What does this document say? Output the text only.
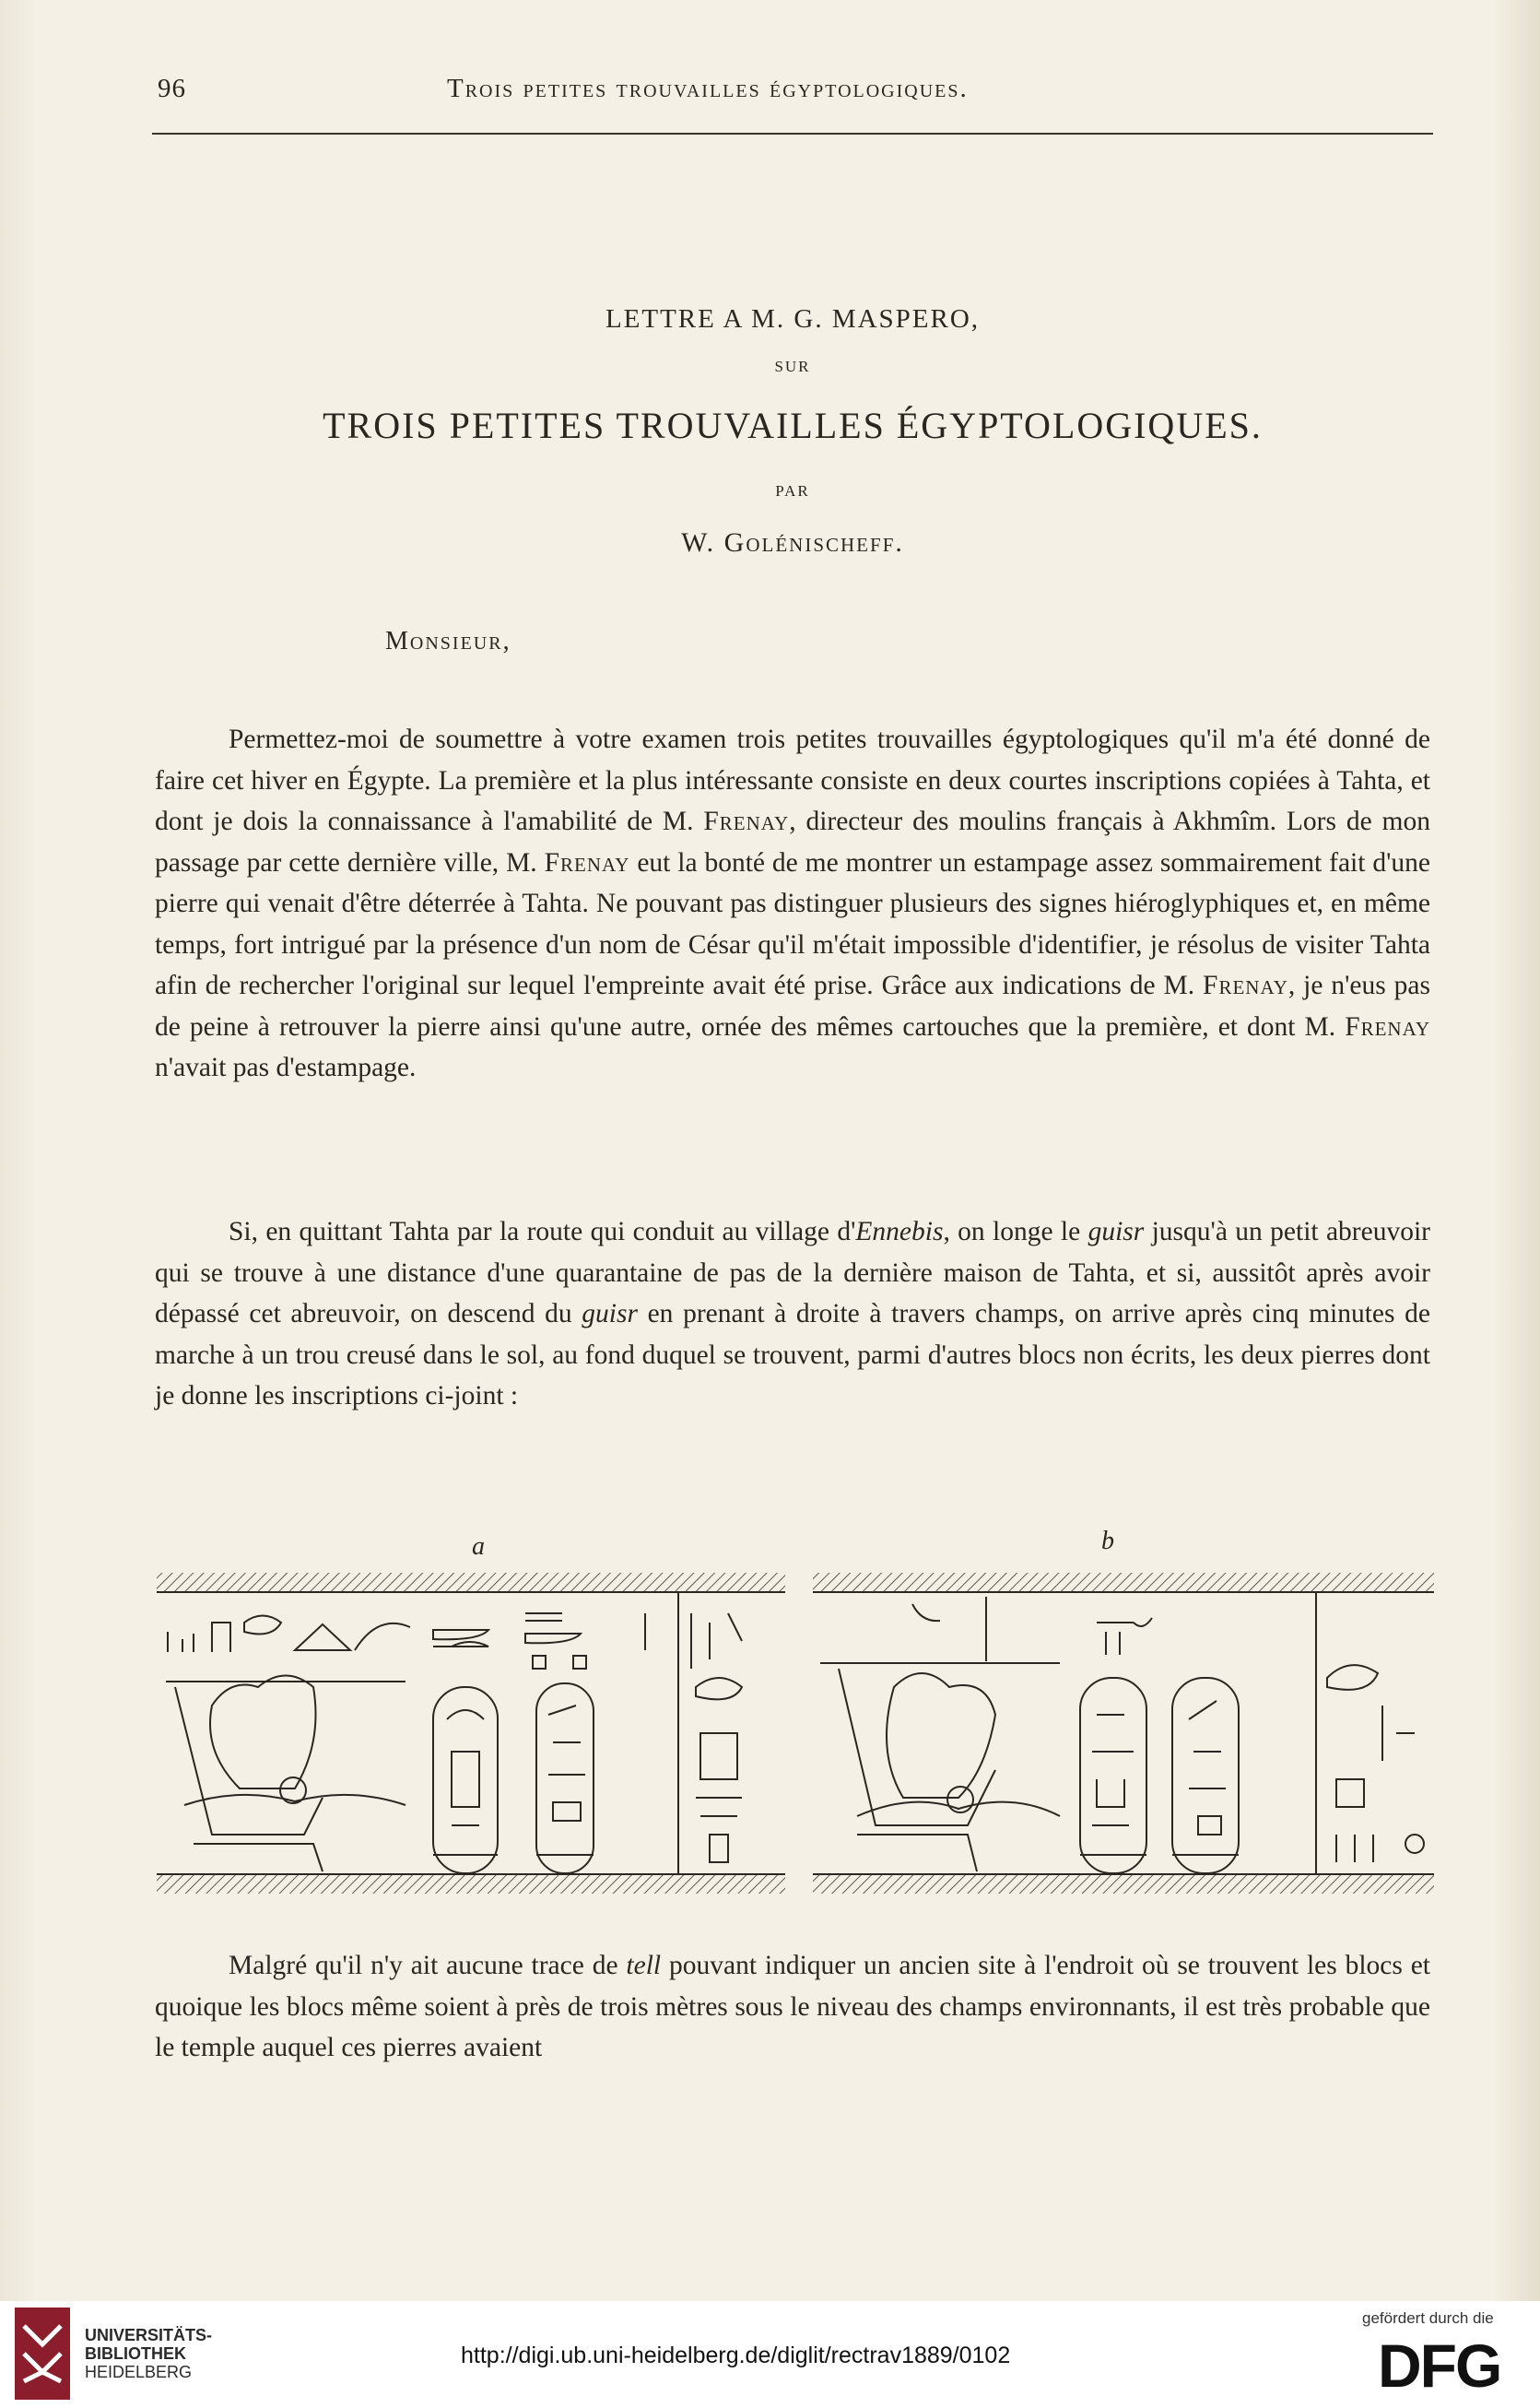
96	Trois petites trouvailles égyptologiques.
LETTRE A M. G. MASPERO,
SUR
TROIS PETITES TROUVAILLES ÉGYPTOLOGIQUES.
PAR
W. Golénischeff.
Monsieur,

Permettez-moi de soumettre à votre examen trois petites trouvailles égyptologiques qu'il m'a été donné de faire cet hiver en Égypte. La première et la plus intéressante consiste en deux courtes inscriptions copiées à Tahta, et dont je dois la connaissance à l'amabilité de M. Frenay, directeur des moulins français à Akhmîm. Lors de mon passage par cette dernière ville, M. Frenay eut la bonté de me montrer un estampage assez sommairement fait d'une pierre qui venait d'être déterrée à Tahta. Ne pouvant pas distinguer plusieurs des signes hiéroglyphiques et, en même temps, fort intrigué par la présence d'un nom de César qu'il m'était impossible d'identifier, je résolus de visiter Tahta afin de rechercher l'original sur lequel l'empreinte avait été prise. Grâce aux indications de M. Frenay, je n'eus pas de peine à retrouver la pierre ainsi qu'une autre, ornée des mêmes cartouches que la première, et dont M. Frenay n'avait pas d'estampage.

Si, en quittant Tahta par la route qui conduit au village d'Ennebis, on longe le guisr jusqu'à un petit abreuvoir qui se trouve à une distance d'une quarantaine de pas de la dernière maison de Tahta, et si, aussitôt après avoir dépassé cet abreuvoir, on descend du guisr en prenant à droite à travers champs, on arrive après cinq minutes de marche à un trou creusé dans le sol, au fond duquel se trouvent, parmi d'autres blocs non écrits, les deux pierres dont je donne les inscriptions ci-joint :

a	b

Malgré qu'il n'y ait aucune trace de tell pouvant indiquer un ancien site à l'endroit où se trouvent les blocs et quoique les blocs même soient à près de trois mètres sous le niveau des champs environnants, il est très probable que le temple auquel ces pierres avaient

UNIVERSITÄTS-
BIBLIOTHEK
HEIDELBERG
http://digi.ub.uni-heidelberg.de/diglit/rectrav1889/0102
gefördert durch die
DFG
